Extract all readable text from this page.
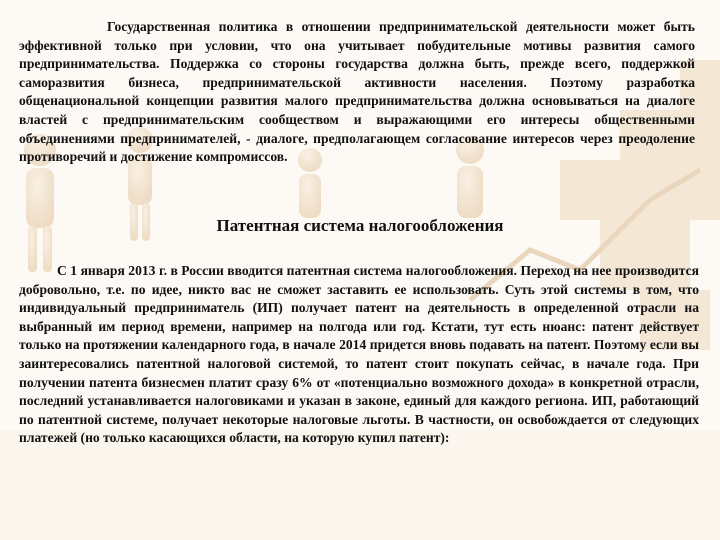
Государственная политика в отношении предпринимательской деятельности может быть эффективной только при условии, что она учитывает побудительные мотивы развития самого предпринимательства. Поддержка со стороны государства должна быть, прежде всего, поддержкой саморазвития бизнеса, предпринимательской активности населения. Поэтому разработка общенациональной концепции развития малого предпринимательства должна основываться на диалоге властей с предпринимательским сообществом и выражающими его интересы общественными объединениями предпринимателей, - диалоге, предполагающем согласование интересов через преодоление противоречий и достижение компромиссов.

Патентная система налогообложения

С 1 января 2013 г. в России вводится патентная система налогообложения. Переход на нее производится добровольно, т.е. по идее, никто вас не сможет заставить ее использовать. Суть этой системы в том, что индивидуальный предприниматель (ИП) получает патент на деятельность в определенной отрасли на выбранный им период времени, например на полгода или год. Кстати, тут есть нюанс: патент действует только на протяжении календарного года, в начале 2014 придется вновь подавать на патент. Поэтому если вы заинтересовались патентной налоговой системой, то патент стоит покупать сейчас, в начале года. При получении патента бизнесмен платит сразу 6% от «потенциально возможного дохода» в конкретной отрасли, последний устанавливается налоговиками и указан в законе, единый для каждого региона. ИП, работающий по патентной системе, получает некоторые налоговые льготы. В частности, он освобождается от следующих платежей (но только касающихся области, на которую купил патент):
